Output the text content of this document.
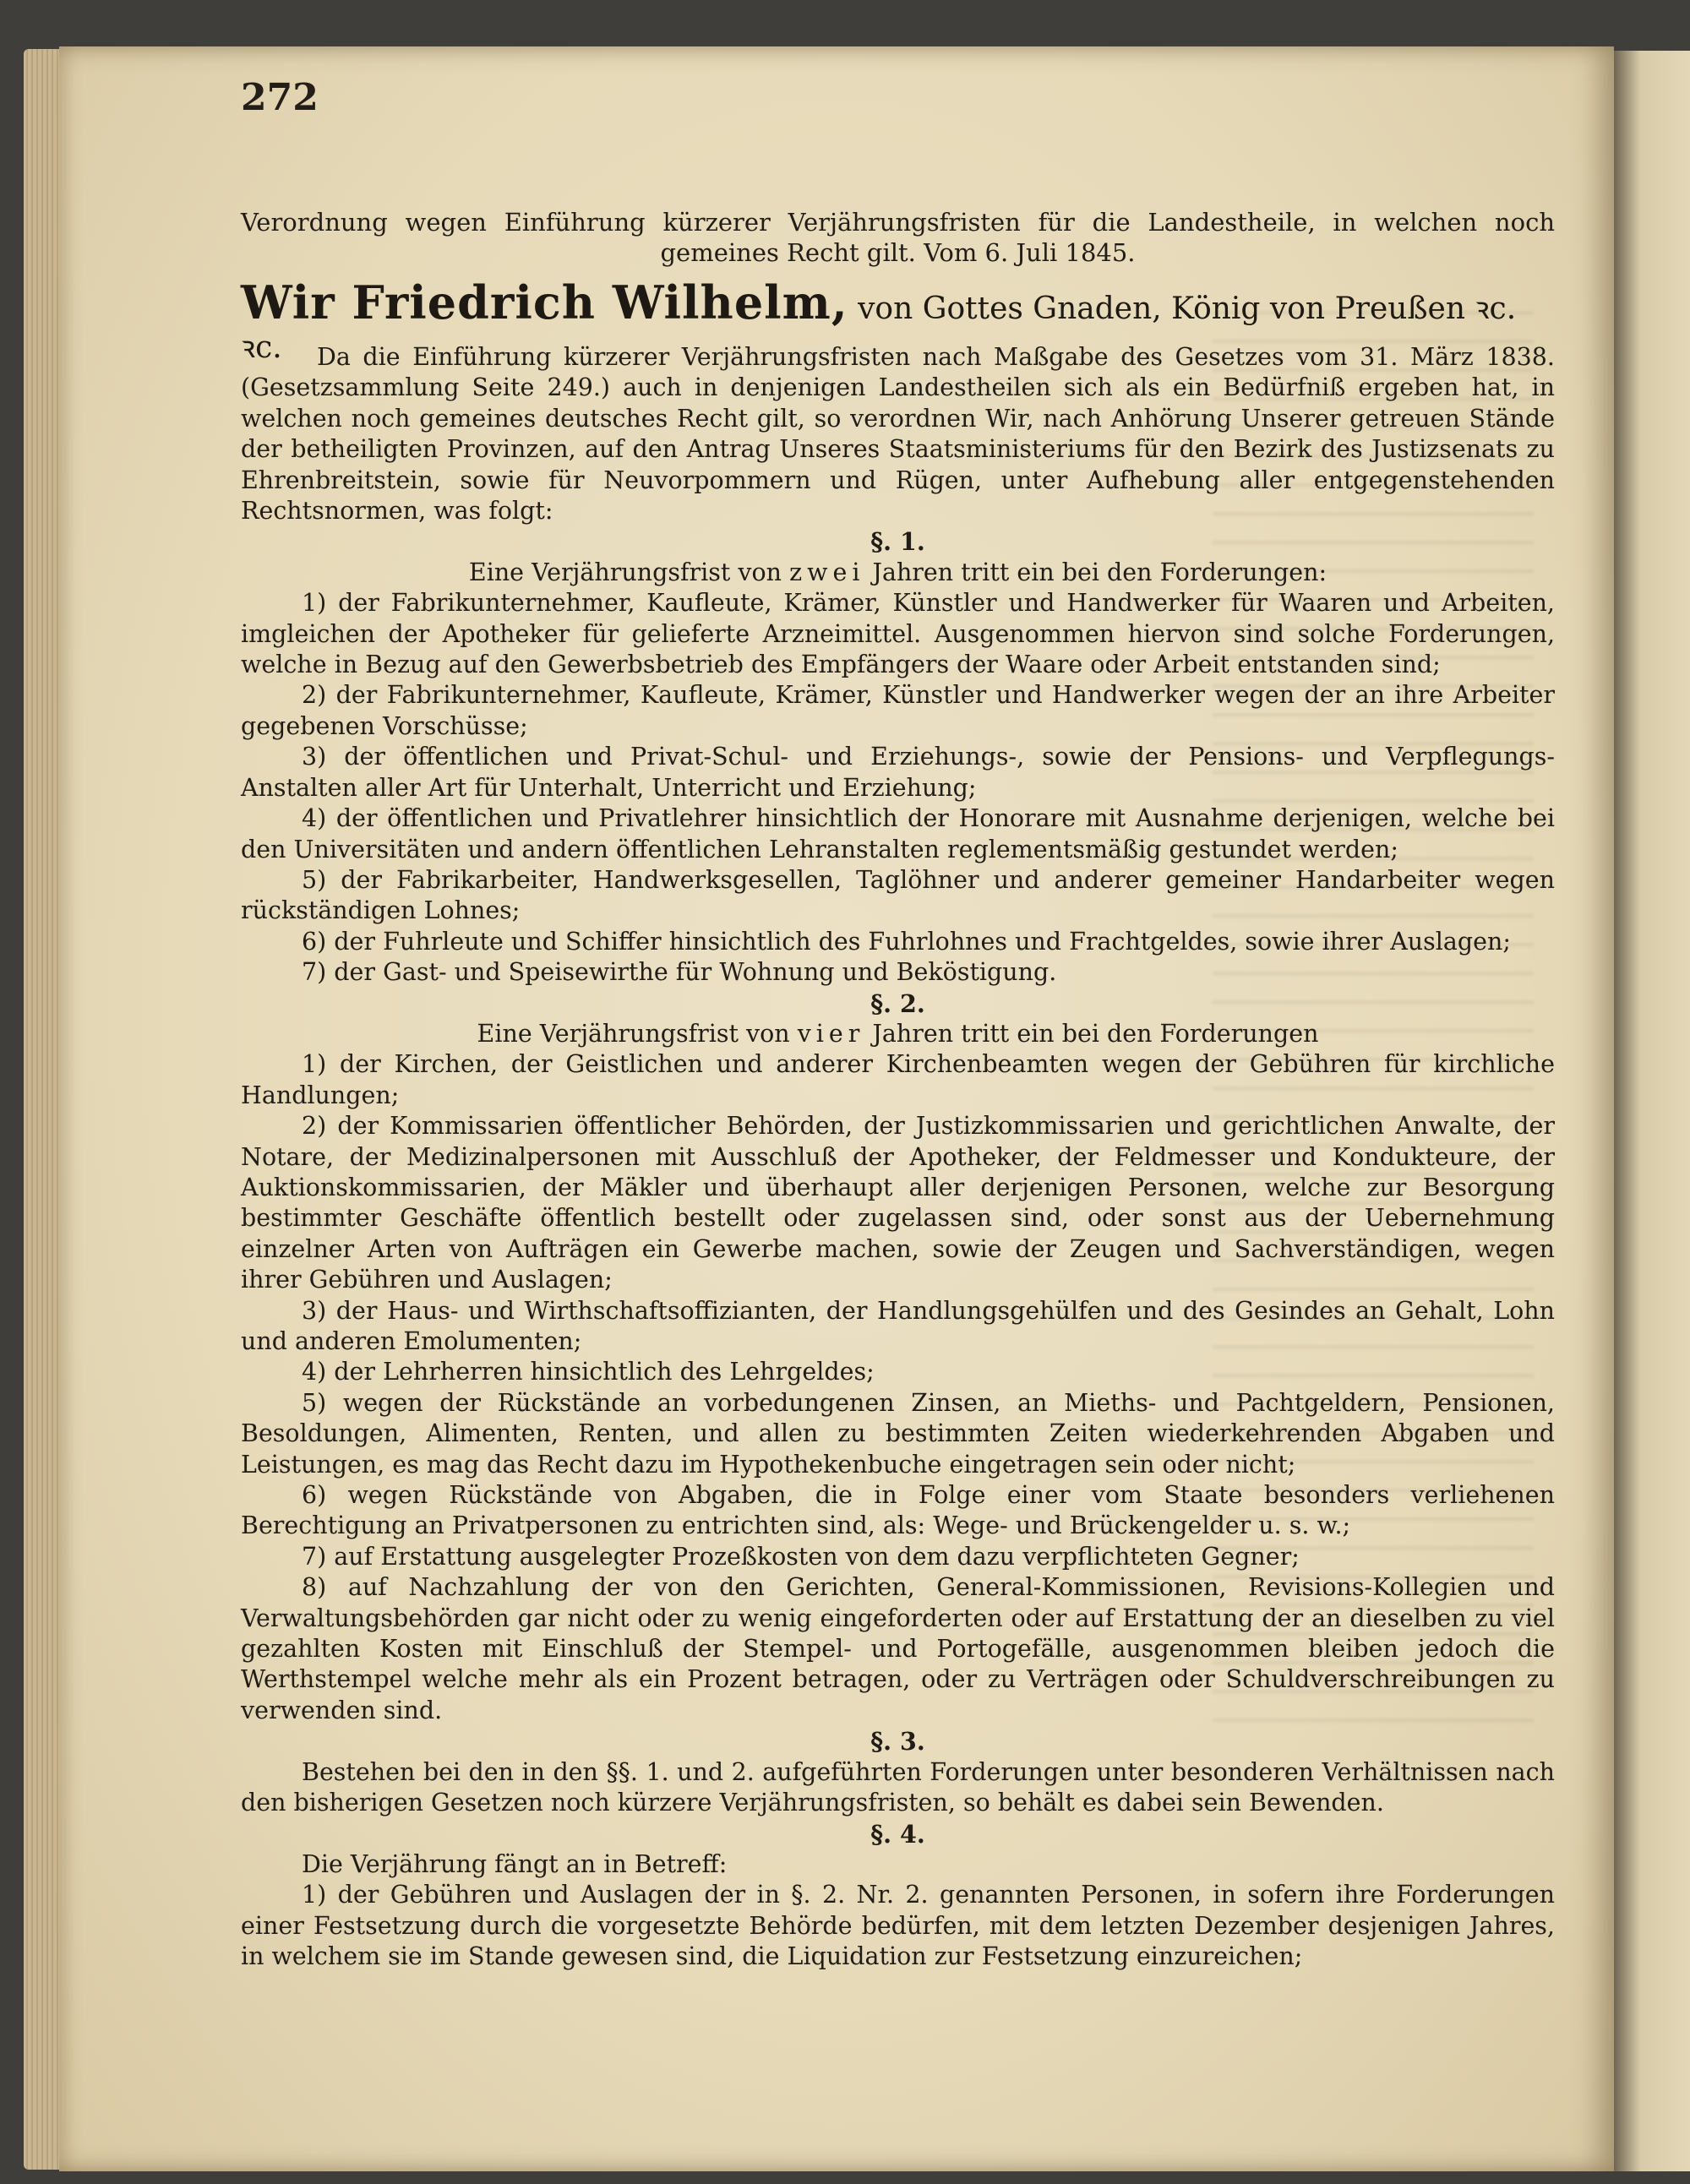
272
Verordnung wegen Einführung kürzerer Verjährungsfristen für die Landestheile, in welchen noch gemeines Recht gilt. Vom 6. Juli 1845.
Wir Friedrich Wilhelm, von Gottes Gnaden, König von Preußen ꝛc. ꝛc.	Da die Einführung kürzerer Verjährungsfristen nach Maßgabe des Gesetzes vom 31. März 1838. (Gesetzsammlung Seite 249.) auch in denjenigen Landestheilen sich als ein Bedürfniß ergeben hat, in welchen noch gemeines deutsches Recht gilt, so verordnen Wir, nach Anhörung Unserer getreuen Stände der betheiligten Provinzen, auf den Antrag Unseres Staatsministeriums für den Bezirk des Justizsenats zu Ehrenbreitstein, sowie für Neuvorpommern und Rügen, unter Aufhebung aller entgegenstehenden Rechtsnormen, was folgt:

§. 1.

Eine Verjährungsfrist von zwei Jahren tritt ein bei den Forderungen:

1) der Fabrikunternehmer, Kaufleute, Krämer, Künstler und Handwerker für Waaren und Arbeiten, imgleichen der Apotheker für gelieferte Arzneimittel. Ausgenommen hiervon sind solche Forderungen, welche in Bezug auf den Gewerbsbetrieb des Empfängers der Waare oder Arbeit entstanden sind;

2) der Fabrikunternehmer, Kaufleute, Krämer, Künstler und Handwerker wegen der an ihre Arbeiter gegebenen Vorschüsse;

3) der öffentlichen und Privat-Schul- und Erziehungs-, sowie der Pensions- und Verpflegungs-Anstalten aller Art für Unterhalt, Unterricht und Erziehung;

4) der öffentlichen und Privatlehrer hinsichtlich der Honorare mit Ausnahme derjenigen, welche bei den Universitäten und andern öffentlichen Lehranstalten reglementsmäßig gestundet werden;

5) der Fabrikarbeiter, Handwerksgesellen, Taglöhner und anderer gemeiner Handarbeiter wegen rückständigen Lohnes;

6) der Fuhrleute und Schiffer hinsichtlich des Fuhrlohnes und Frachtgeldes, sowie ihrer Auslagen;

7) der Gast- und Speisewirthe für Wohnung und Beköstigung.

§. 2.

Eine Verjährungsfrist von vier Jahren tritt ein bei den Forderungen

1) der Kirchen, der Geistlichen und anderer Kirchenbeamten wegen der Gebühren für kirchliche Handlungen;

2) der Kommissarien öffentlicher Behörden, der Justizkommissarien und gerichtlichen Anwalte, der Notare, der Medizinalpersonen mit Ausschluß der Apotheker, der Feldmesser und Kondukteure, der Auktionskommissarien, der Mäkler und überhaupt aller derjenigen Personen, welche zur Besorgung bestimmter Geschäfte öffentlich bestellt oder zugelassen sind, oder sonst aus der Uebernehmung einzelner Arten von Aufträgen ein Gewerbe machen, sowie der Zeugen und Sachverständigen, wegen ihrer Gebühren und Auslagen;

3) der Haus- und Wirthschaftsoffizianten, der Handlungsgehülfen und des Gesindes an Gehalt, Lohn und anderen Emolumenten;

4) der Lehrherren hinsichtlich des Lehrgeldes;

5) wegen der Rückstände an vorbedungenen Zinsen, an Mieths- und Pachtgeldern, Pensionen, Besoldungen, Alimenten, Renten, und allen zu bestimmten Zeiten wiederkehrenden Abgaben und Leistungen, es mag das Recht dazu im Hypothekenbuche eingetragen sein oder nicht;

6) wegen Rückstände von Abgaben, die in Folge einer vom Staate besonders verliehenen Berechtigung an Privatpersonen zu entrichten sind, als: Wege- und Brückengelder u. s. w.;

7) auf Erstattung ausgelegter Prozeßkosten von dem dazu verpflichteten Gegner;

8) auf Nachzahlung der von den Gerichten, General-Kommissionen, Revisions-Kollegien und Verwaltungsbehörden gar nicht oder zu wenig eingeforderten oder auf Erstattung der an dieselben zu viel gezahlten Kosten mit Einschluß der Stempel- und Portogefälle, ausgenommen bleiben jedoch die Werthstempel welche mehr als ein Prozent betragen, oder zu Verträgen oder Schuldverschreibungen zu verwenden sind.

§. 3.

Bestehen bei den in den §§. 1. und 2. aufgeführten Forderungen unter besonderen Verhältnissen nach den bisherigen Gesetzen noch kürzere Verjährungsfristen, so behält es dabei sein Bewenden.

§. 4.

Die Verjährung fängt an in Betreff:

1) der Gebühren und Auslagen der in §. 2. Nr. 2. genannten Personen, in sofern ihre Forderungen einer Festsetzung durch die vorgesetzte Behörde bedürfen, mit dem letzten Dezember desjenigen Jahres, in welchem sie im Stande gewesen sind, die Liquidation zur Festsetzung einzureichen;
